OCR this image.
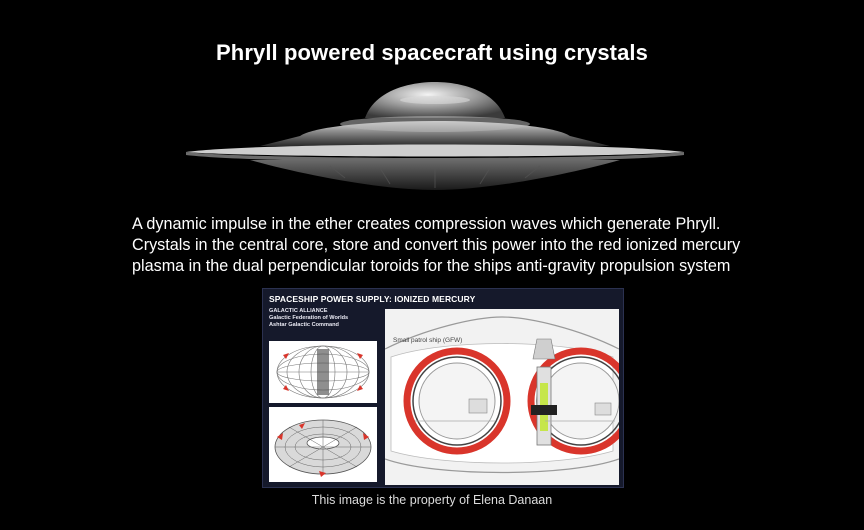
Phryll powered spacecraft using crystals
A dynamic impulse in the ether creates compression waves which generate Phryll.
Crystals in the central core, store and convert this power into the red ionized mercury
plasma in the dual perpendicular toroids for the ships anti-gravity propulsion system
SPACESHIP POWER SUPPLY: IONIZED MERCURY
GALACTIC ALLIANCE
Galactic Federation of Worlds
Ashtar Galactic Command
Small patrol ship (GFW)
This image is the property of Elena Danaan
